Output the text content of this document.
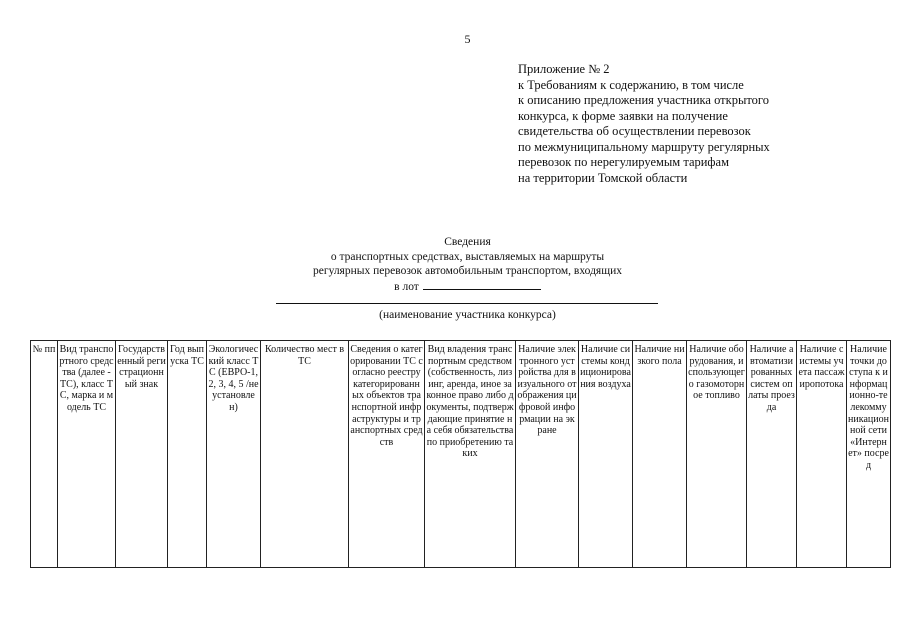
5
Приложение № 2
к Требованиям к содержанию, в том числе
к описанию предложения участника открытого
конкурса, к форме заявки на получение
свидетельства об осуществлении перевозок
по межмуниципальному маршруту регулярных
перевозок по нерегулируемым тарифам
на территории Томской области
Сведения
о транспортных средствах, выставляемых на маршруты
регулярных перевозок автомобильным транспортом, входящих
в лот
(наименование участника конкурса)
№ пп	Вид транспортного средства (далее - ТС), класс ТС, марка и модель ТС	Государственный регистрационный знак	Год выпуска ТС	Экологический класс ТС (ЕВРО-1, 2, 3, 4, 5 /не установлен)	Количество мест в ТС	Сведения о категорировании ТС согласно реестру категорированных объектов транспортной инфраструктуры и транспортных средств	Вид владения транспортным средством (собственность, лизинг, аренда, иное законное право либо документы, подтверждающие принятие на себя обязательства по приобретению таких	Наличие электронного устройства для визуального отображения цифровой информации на экране	Наличие системы кондиционирования воздуха	Наличие низкого пола	Наличие оборудования, использующего газомоторное топливо	Наличие автоматизированных систем оплаты проезда	Наличие системы учета пассажиропотока	Наличие точки доступа к информационно-телекоммуникационной сети «Интернет» посред
